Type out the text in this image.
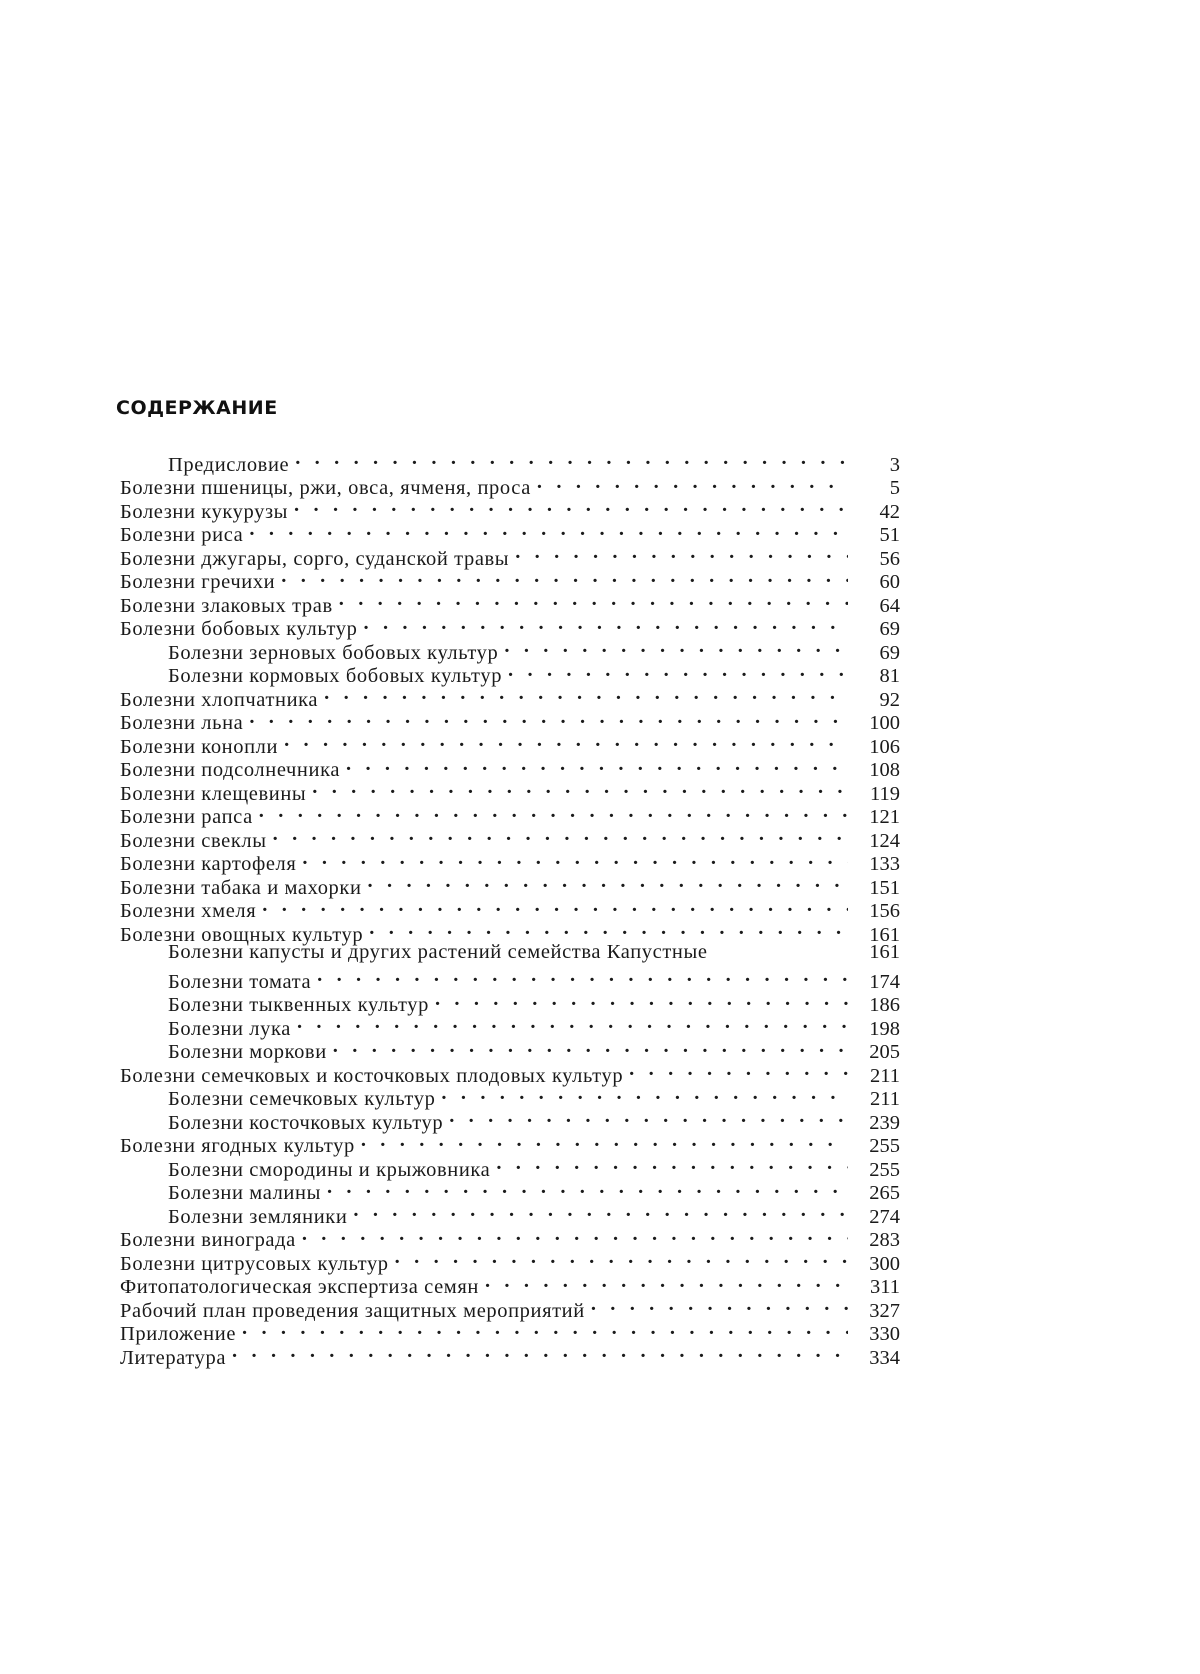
СОДЕРЖАНИЕ
Предисловие . . .	3
Болезни пшеницы, ржи, овса, ячменя, проса . . .	5
Болезни кукурузы . . .	42
Болезни риса . . .	51
Болезни джугары, сорго, суданской травы . . .	56
Болезни гречихи . . .	60
Болезни злаковых трав . . .	64
Болезни бобовых культур . . .	69
Болезни зерновых бобовых культур . . .	69
Болезни кормовых бобовых культур . . .	81
Болезни хлопчатника . . .	92
Болезни льна . . .	100
Болезни конопли . . .	106
Болезни подсолнечника . . .	108
Болезни клещевины . . .	119
Болезни рапса . . .	121
Болезни свеклы . . .	124
Болезни картофеля . . .	133
Болезни табака и махорки . . .	151
Болезни хмеля . . .	156
Болезни овощных культур . . .	161
Болезни капусты и других растений семейства Капустные	161
Болезни томата . . .	174
Болезни тыквенных культур . . .	186
Болезни лука . . .	198
Болезни моркови . . .	205
Болезни семечковых и косточковых плодовых культур . . .	211
Болезни семечковых культур . . .	211
Болезни косточковых культур . . .	239
Болезни ягодных культур . . .	255
Болезни смородины и крыжовника . . .	255
Болезни малины . . .	265
Болезни земляники . . .	274
Болезни винограда . . .	283
Болезни цитрусовых культур . . .	300
Фитопатологическая экспертиза семян . . .	311
Рабочий план проведения защитных мероприятий . . .	327
Приложение . . .	330
Литература . . .	334
